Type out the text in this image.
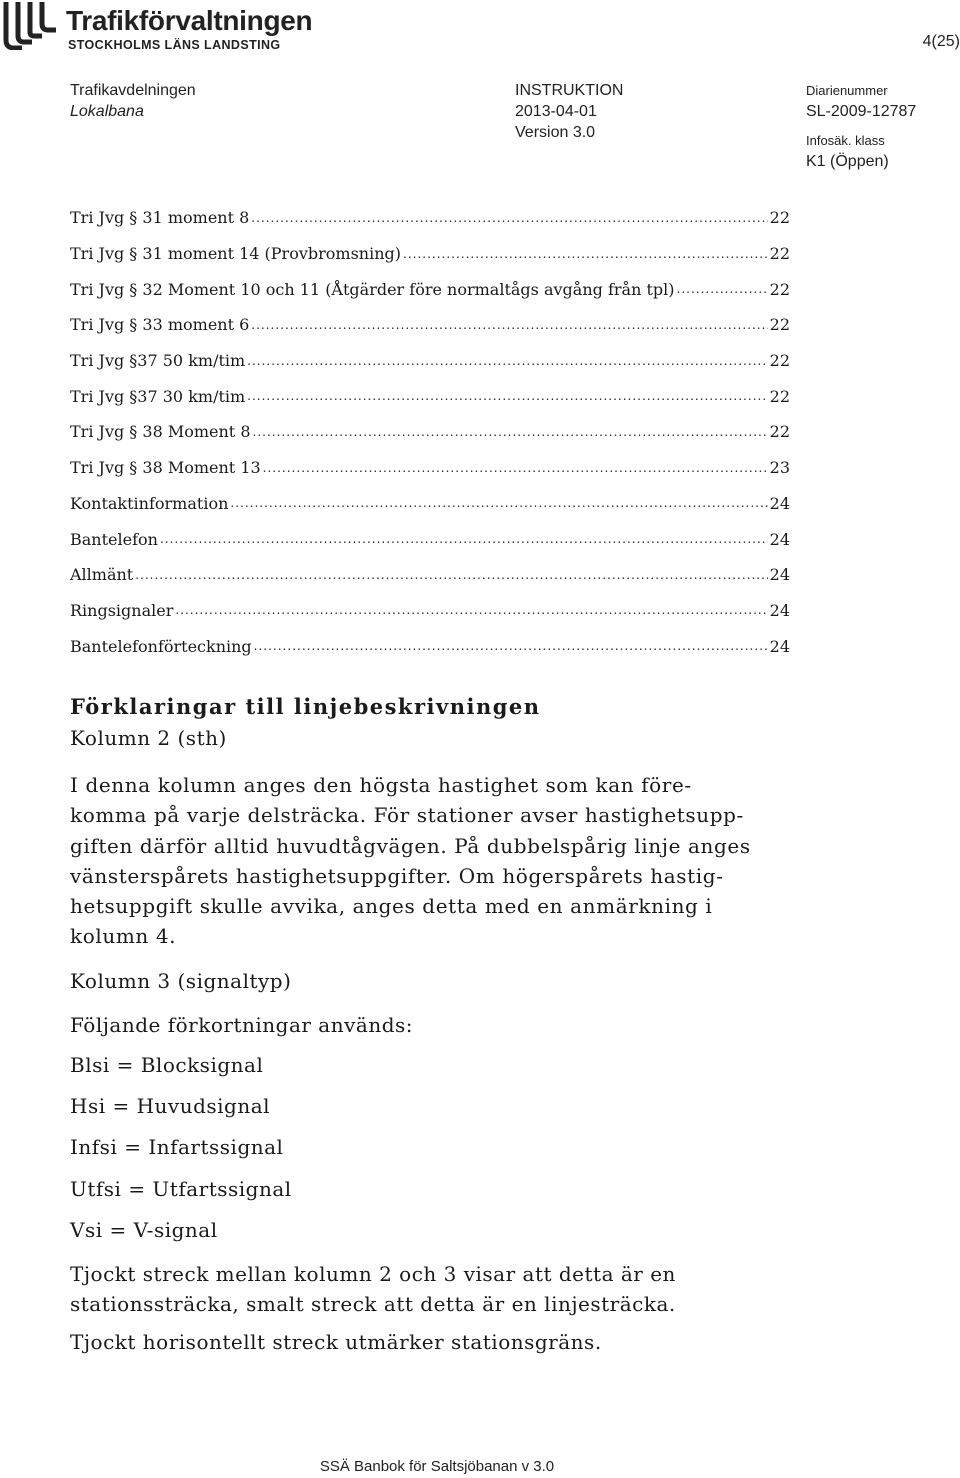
Trafikförvaltningen
STOCKHOLMS LÄNS LANDSTING	4(25)
Trafikavdelningen
Lokalbana
INSTRUKTION
2013-04-01
Version 3.0
Diarienummer
SL-2009-12787
Infosäk. klass
K1 (Öppen)
Tri Jvg § 31 moment 8 .....	22
Tri Jvg § 31 moment 14 (Provbromsning) .....	22
Tri Jvg § 32 Moment 10 och 11 (Åtgärder före normaltågs avgång från tpl) .....	22
Tri Jvg § 33 moment 6 .....	22
Tri Jvg §37 50 km/tim .....	22
Tri Jvg §37 30 km/tim .....	22
Tri Jvg § 38 Moment 8 .....	22
Tri Jvg § 38 Moment 13 .....	23
Kontaktinformation .....	24
Bantelefon .....	24
Allmänt .....	24
Ringsignaler .....	24
Bantelefonförteckning .....	24
Förklaringar till linjebeskrivningen
Kolumn 2 (sth)
I denna kolumn anges den högsta hastighet som kan före-
komma på varje delsträcka. För stationer avser hastighetsupp-
giften därför alltid huvudtågvägen. På dubbelspårig linje anges
vänsterspårets hastighetsuppgifter. Om högerspårets hastig-
hetsuppgift skulle avvika, anges detta med en anmärkning i
kolumn 4.
Kolumn 3 (signaltyp)
Följande förkortningar används:
Blsi = Blocksignal
Hsi = Huvudsignal
Infsi = Infartssignal
Utfsi = Utfartssignal
Vsi = V-signal
Tjockt streck mellan kolumn 2 och 3 visar att detta är en
stationssträcka, smalt streck att detta är en linjesträcka.
Tjockt horisontellt streck utmärker stationsgräns.
SSÄ Banbok för Saltsjöbanan v 3.0
